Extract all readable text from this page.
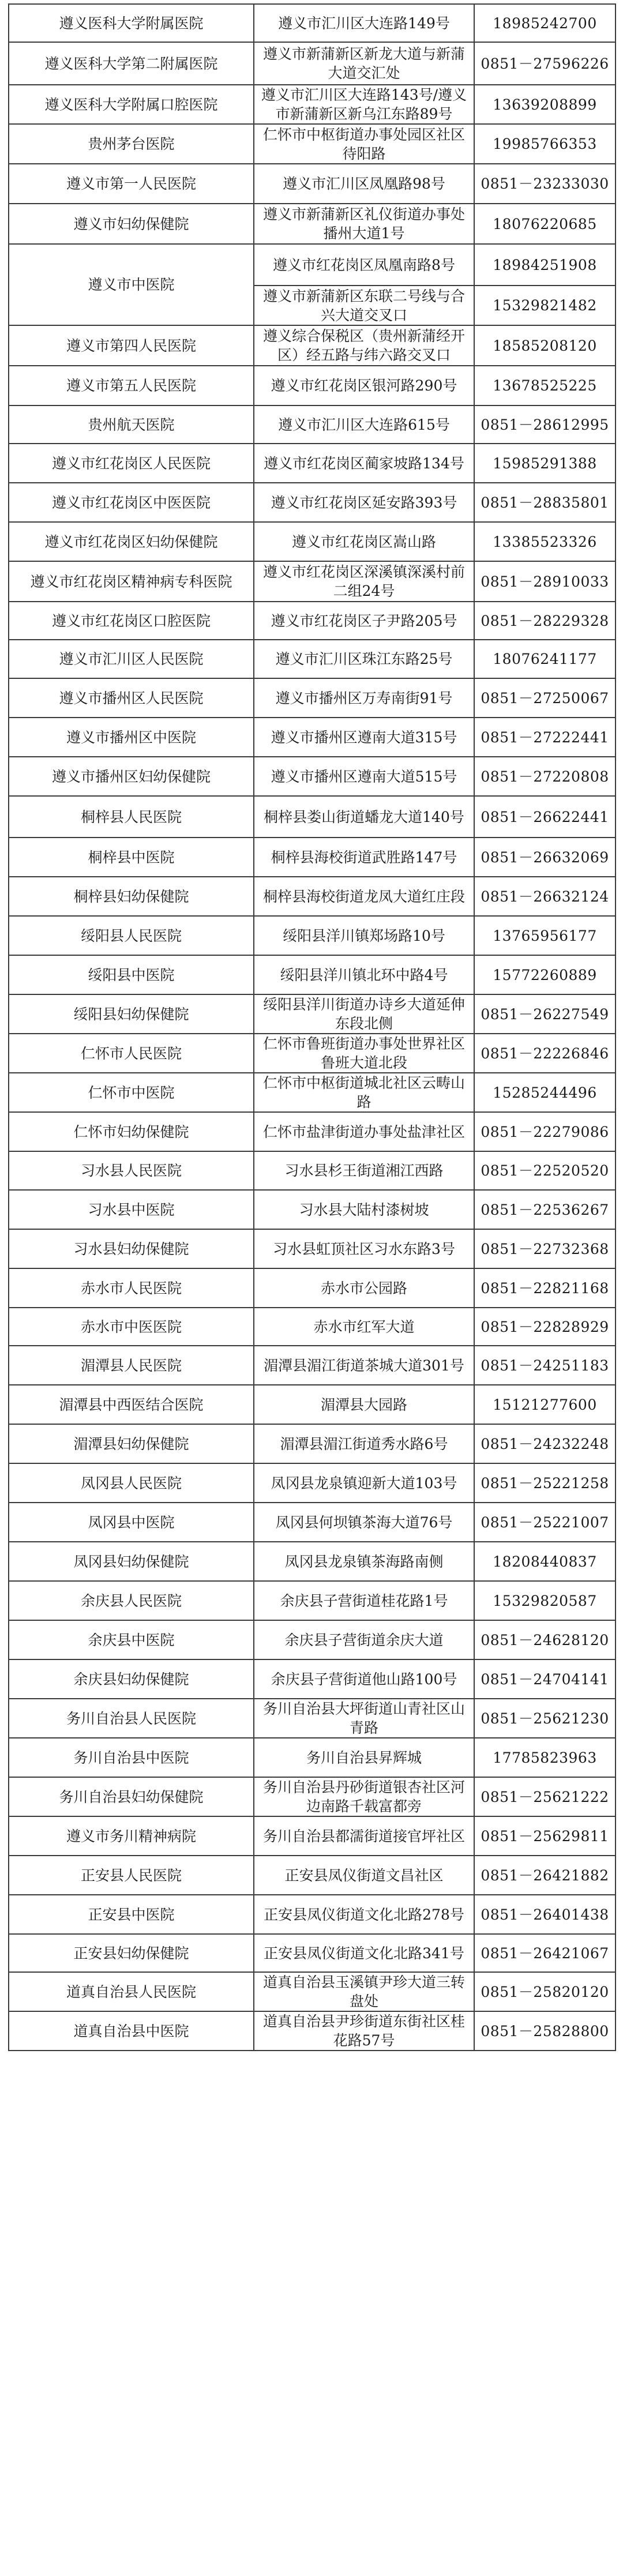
遵义医科大学附属医院	遵义市汇川区大连路149号	18985242700
遵义医科大学第二附属医院	遵义市新蒲新区新龙大道与新蒲大道交汇处	0851－27596226
遵义医科大学附属口腔医院	遵义市汇川区大连路143号/遵义市新蒲新区新乌江东路89号	13639208899
贵州茅台医院	仁怀市中枢街道办事处园区社区待阳路	19985766353
遵义市第一人民医院	遵义市汇川区凤凰路98号	0851－23233030
遵义市妇幼保健院	遵义市新蒲新区礼仪街道办事处播州大道1号	18076220685
遵义市中医院	遵义市红花岗区凤凰南路8号	18984251908
	遵义市新蒲新区东联二号线与合兴大道交叉口	15329821482
遵义市第四人民医院	遵义综合保税区（贵州新蒲经开区）经五路与纬六路交叉口	18585208120
遵义市第五人民医院	遵义市红花岗区银河路290号	13678525225
贵州航天医院	遵义市汇川区大连路615号	0851－28612995
遵义市红花岗区人民医院	遵义市红花岗区蔺家坡路134号	15985291388
遵义市红花岗区中医医院	遵义市红花岗区延安路393号	0851－28835801
遵义市红花岗区妇幼保健院	遵义市红花岗区嵩山路	13385523326
遵义市红花岗区精神病专科医院	遵义市红花岗区深溪镇深溪村前二组24号	0851－28910033
遵义市红花岗区口腔医院	遵义市红花岗区子尹路205号	0851－28229328
遵义市汇川区人民医院	遵义市汇川区珠江东路25号	18076241177
遵义市播州区人民医院	遵义市播州区万寿南街91号	0851－27250067
遵义市播州区中医院	遵义市播州区遵南大道315号	0851－27222441
遵义市播州区妇幼保健院	遵义市播州区遵南大道515号	0851－27220808
桐梓县人民医院	桐梓县娄山街道蟠龙大道140号	0851－26622441
桐梓县中医院	桐梓县海校街道武胜路147号	0851－26632069
桐梓县妇幼保健院	桐梓县海校街道龙凤大道红庄段	0851－26632124
绥阳县人民医院	绥阳县洋川镇郑场路10号	13765956177
绥阳县中医院	绥阳县洋川镇北环中路4号	15772260889
绥阳县妇幼保健院	绥阳县洋川街道办诗乡大道延伸东段北侧	0851－26227549
仁怀市人民医院	仁怀市鲁班街道办事处世界社区鲁班大道北段	0851－22226846
仁怀市中医院	仁怀市中枢街道城北社区云畴山路	15285244496
仁怀市妇幼保健院	仁怀市盐津街道办事处盐津社区	0851－22279086
习水县人民医院	习水县杉王街道湘江西路	0851－22520520
习水县中医院	习水县大陆村漆树坡	0851－22536267
习水县妇幼保健院	习水县虹顶社区习水东路3号	0851－22732368
赤水市人民医院	赤水市公园路	0851－22821168
赤水市中医医院	赤水市红军大道	0851－22828929
湄潭县人民医院	湄潭县湄江街道茶城大道301号	0851－24251183
湄潭县中西医结合医院	湄潭县大园路	15121277600
湄潭县妇幼保健院	湄潭县湄江街道秀水路6号	0851－24232248
凤冈县人民医院	凤冈县龙泉镇迎新大道103号	0851－25221258
凤冈县中医院	凤冈县何坝镇茶海大道76号	0851－25221007
凤冈县妇幼保健院	凤冈县龙泉镇茶海路南侧	18208440837
余庆县人民医院	余庆县子营街道桂花路1号	15329820587
余庆县中医院	余庆县子营街道余庆大道	0851－24628120
余庆县妇幼保健院	余庆县子营街道他山路100号	0851－24704141
务川自治县人民医院	务川自治县大坪街道山青社区山青路	0851－25621230
务川自治县中医院	务川自治县昇辉城	17785823963
务川自治县妇幼保健院	务川自治县丹砂街道银杏社区河边南路千载富都旁	0851－25621222
遵义市务川精神病院	务川自治县都濡街道接官坪社区	0851－25629811
正安县人民医院	正安县凤仪街道文昌社区	0851－26421882
正安县中医院	正安县凤仪街道文化北路278号	0851－26401438
正安县妇幼保健院	正安县凤仪街道文化北路341号	0851－26421067
道真自治县人民医院	道真自治县玉溪镇尹珍大道三转盘处	0851－25820120
道真自治县中医院	道真自治县尹珍街道东街社区桂花路57号	0851－25828800
